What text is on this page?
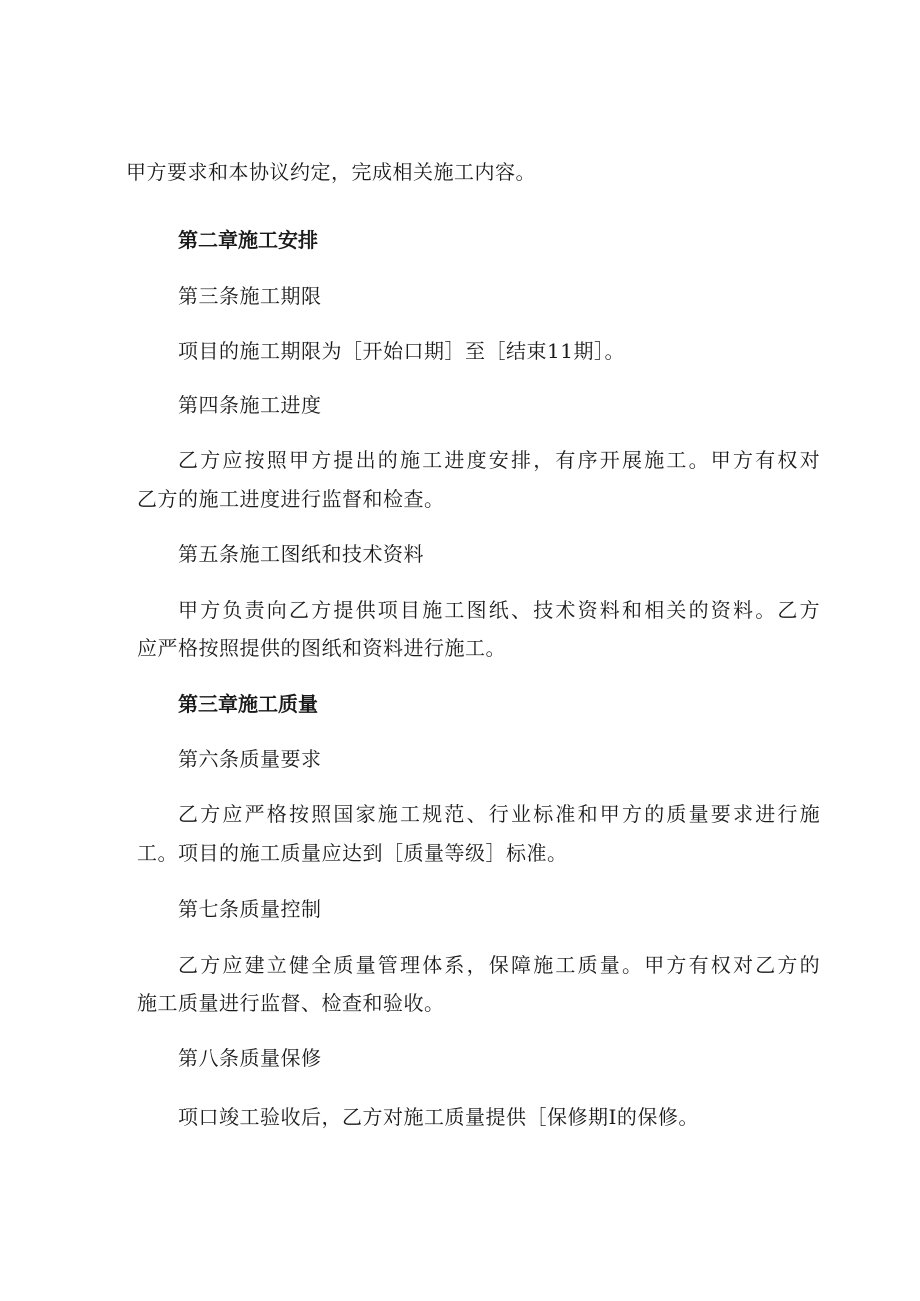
甲方要求和本协议约定，完成相关施工内容。
第二章施工安排
第三条施工期限
项目的施工期限为［开始口期］至［结束11期］。
第四条施工进度
乙方应按照甲方提出的施工进度安排，有序开展施工。甲方有权对
乙方的施工进度进行监督和检查。
第五条施工图纸和技术资料
甲方负责向乙方提供项目施工图纸、技术资料和相关的资料。乙方
应严格按照提供的图纸和资料进行施工。
第三章施工质量
第六条质量要求
乙方应严格按照国家施工规范、行业标准和甲方的质量要求进行施
工。项目的施工质量应达到［质量等级］标准。
第七条质量控制
乙方应建立健全质量管理体系，保障施工质量。甲方有权对乙方的
施工质量进行监督、检查和验收。
第八条质量保修
项口竣工验收后，乙方对施工质量提供［保修期I的保修。
